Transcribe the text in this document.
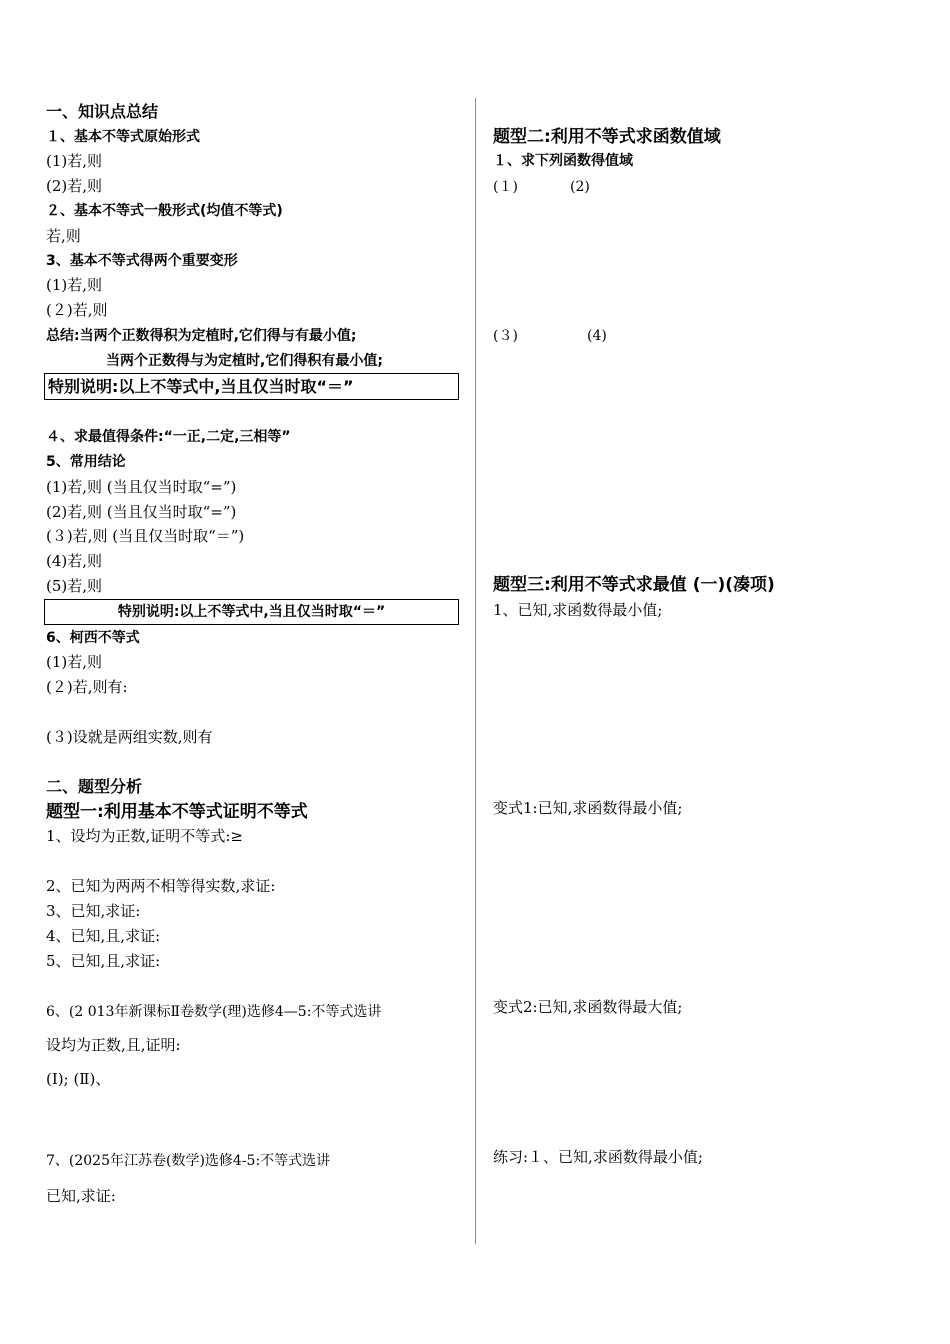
一、知识点总结
１、基本不等式原始形式
(1)若,则
(2)若,则
２、基本不等式一般形式(均值不等式)
若,则
3、基本不等式得两个重要变形
(1)若,则
(２)若,则
总结:当两个正数得积为定植时,它们得与有最小值;
当两个正数得与为定植时,它们得积有最小值;
特别说明:以上不等式中,当且仅当时取“＝”
４、求最值得条件:“一正,二定,三相等”
5、常用结论
(1)若,则 (当且仅当时取“=”)
(2)若,则 (当且仅当时取“=”)
(３)若,则 (当且仅当时取“＝”)
(4)若,则
(5)若,则
特别说明:以上不等式中,当且仅当时取“＝”
6、柯西不等式
(1)若,则
(２)若,则有:
(３)设就是两组实数,则有
二、题型分析
题型一:利用基本不等式证明不等式
1、设均为正数,证明不等式:≥
2、已知为两两不相等得实数,求证:
3、已知,求证:
4、已知,且,求证:
5、已知,且,求证:
6、(2 013年新课标Ⅱ卷数学(理)选修4—5:不等式选讲
设均为正数,且,证明:
(Ⅰ); (Ⅱ)、
7、(2025年江苏卷(数学)选修4-5:不等式选讲
已知,求证:
题型二:利用不等式求函数值域
１、求下列函数得值域
(１)	(2)
(３)	(4)
题型三:利用不等式求最值 (一)(凑项)
1、已知,求函数得最小值;
变式1:已知,求函数得最小值;
变式2:已知,求函数得最大值;
练习:１、已知,求函数得最小值;
